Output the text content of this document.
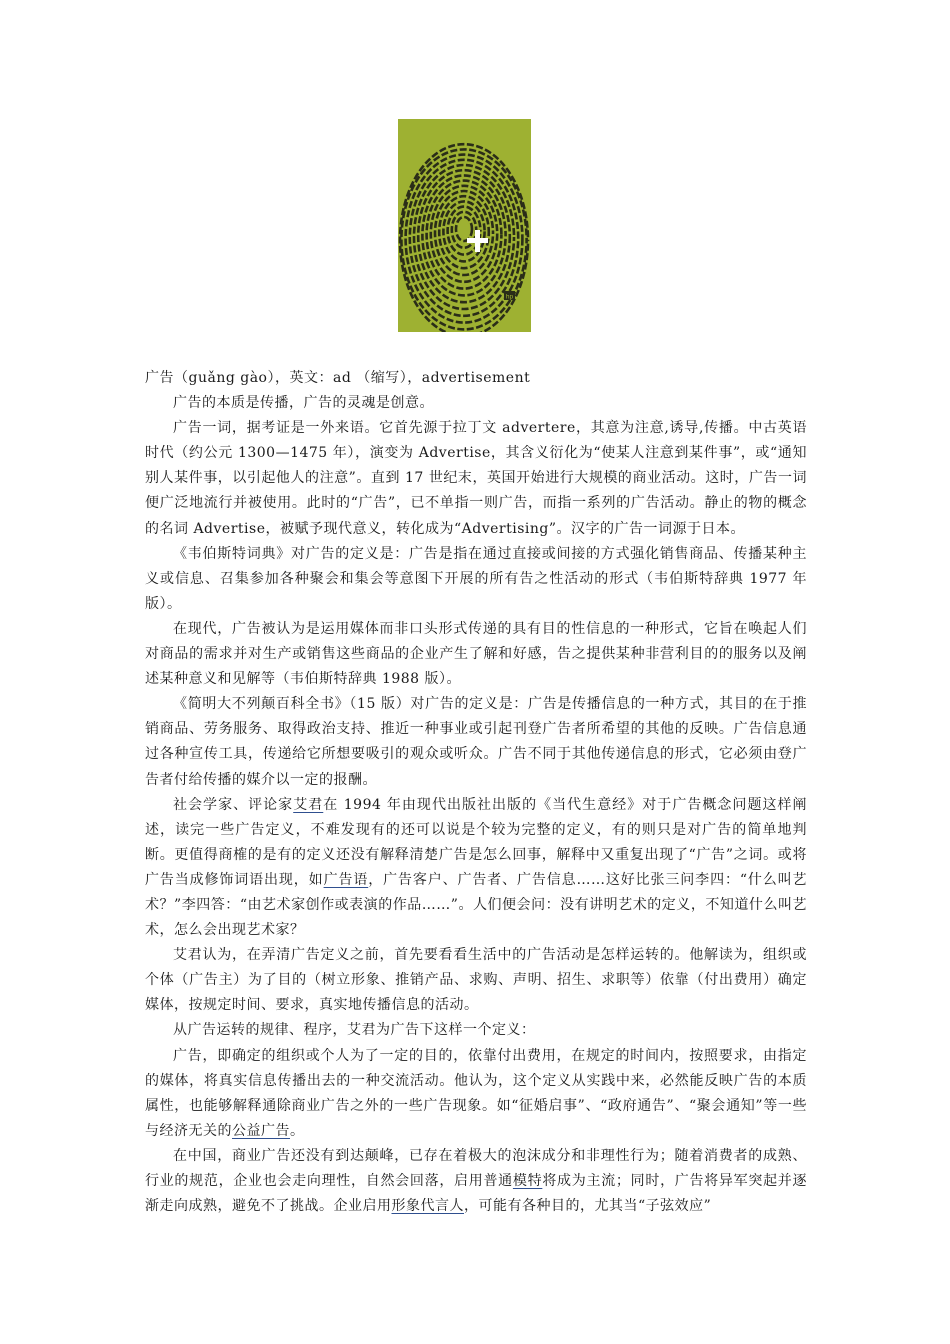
hp

广告（guǎng gào），英文：ad （缩写），advertisement

广告的本质是传播，广告的灵魂是创意。

广告一词，据考证是一外来语。它首先源于拉丁文 advertere，其意为注意,诱导,传播。中古英语时代（约公元 1300—1475 年），演变为 Advertise，其含义衍化为“使某人注意到某件事”，或“通知别人某件事，以引起他人的注意”。直到 17 世纪末，英国开始进行大规模的商业活动。这时，广告一词便广泛地流行并被使用。此时的“广告”，已不单指一则广告，而指一系列的广告活动。静止的物的概念的名词 Advertise，被赋予现代意义，转化成为“Advertising”。汉字的广告一词源于日本。

《韦伯斯特词典》对广告的定义是：广告是指在通过直接或间接的方式强化销售商品、传播某种主义或信息、召集参加各种聚会和集会等意图下开展的所有告之性活动的形式（韦伯斯特辞典 1977 年版）。

在现代，广告被认为是运用媒体而非口头形式传递的具有目的性信息的一种形式，它旨在唤起人们对商品的需求并对生产或销售这些商品的企业产生了解和好感，告之提供某种非营利目的的服务以及阐述某种意义和见解等（韦伯斯特辞典 1988 版）。

《简明大不列颠百科全书》（15 版）对广告的定义是：广告是传播信息的一种方式，其目的在于推销商品、劳务服务、取得政治支持、推近一种事业或引起刊登广告者所希望的其他的反映。广告信息通过各种宣传工具，传递给它所想要吸引的观众或听众。广告不同于其他传递信息的形式，它必须由登广告者付给传播的媒介以一定的报酬。

社会学家、评论家艾君在 1994 年由现代出版社出版的《当代生意经》对于广告概念问题这样阐述，读完一些广告定义，不难发现有的还可以说是个较为完整的定义，有的则只是对广告的简单地判断。更值得商榷的是有的定义还没有解释清楚广告是怎么回事，解释中又重复出现了“广告”之词。或将广告当成修饰词语出现，如广告语，广告客户、广告者、广告信息……这好比张三问李四：“什么叫艺术？”李四答：“由艺术家创作或表演的作品……”。人们便会问：没有讲明艺术的定义，不知道什么叫艺术，怎么会出现艺术家？

艾君认为，在弄清广告定义之前，首先要看看生活中的广告活动是怎样运转的。他解读为，组织或个体（广告主）为了目的（树立形象、推销产品、求购、声明、招生、求职等）依靠（付出费用）确定媒体，按规定时间、要求，真实地传播信息的活动。

从广告运转的规律、程序，艾君为广告下这样一个定义：

广告，即确定的组织或个人为了一定的目的，依靠付出费用，在规定的时间内，按照要求，由指定的媒体，将真实信息传播出去的一种交流活动。他认为，这个定义从实践中来，必然能反映广告的本质属性，也能够解释通除商业广告之外的一些广告现象。如“征婚启事”、“政府通告”、“聚会通知”等一些与经济无关的公益广告。

在中国，商业广告还没有到达颠峰，已存在着极大的泡沫成分和非理性行为；随着消费者的成熟、行业的规范，企业也会走向理性，自然会回落，启用普通模特将成为主流；同时，广告将异军突起并逐渐走向成熟，避免不了挑战。企业启用形象代言人，可能有各种目的，尤其当“子弦效应”
